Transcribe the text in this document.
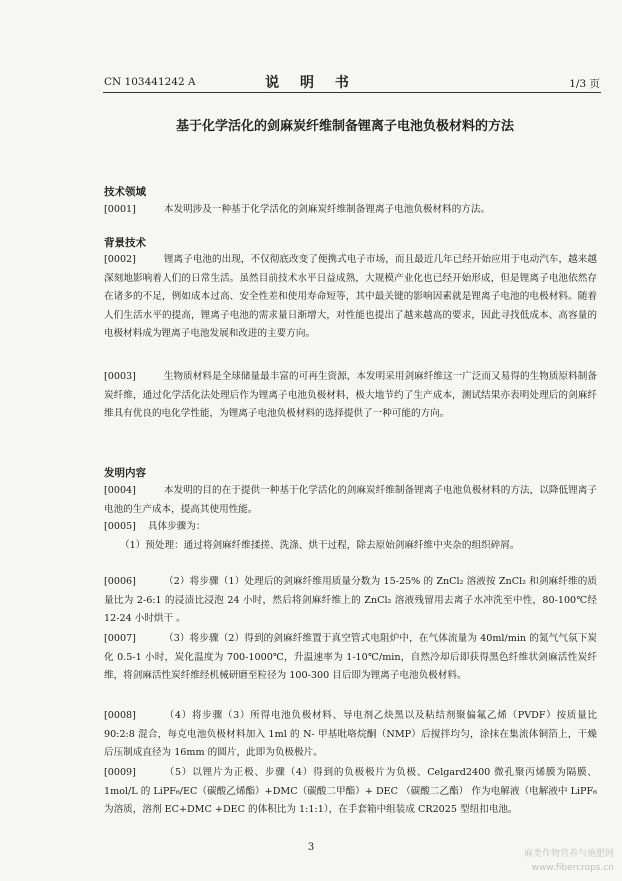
CN 103441242 A	说 明 书	1/3 页
基于化学活化的剑麻炭纤维制备锂离子电池负极材料的方法
技术领域
[0001]	本发明涉及一种基于化学活化的剑麻炭纤维制备锂离子电池负极材料的方法。
背景技术
[0002]	锂离子电池的出现，不仅彻底改变了便携式电子市场，而且最近几年已经开始应用于电动汽车，越来越深刻地影响着人们的日常生活。虽然目前技术水平日益成熟，大规模产业化也已经开始形成，但是锂离子电池依然存在诸多的不足，例如成本过高、安全性差和使用寿命短等，其中最关键的影响因素就是锂离子电池的电极材料。随着人们生活水平的提高，锂离子电池的需求量日渐增大，对性能也提出了越来越高的要求，因此寻找低成本、高容量的电极材料成为锂离子电池发展和改进的主要方向。
[0003]	生物质材料是全球储量最丰富的可再生资源，本发明采用剑麻纤维这一广泛而又易得的生物质原料制备炭纤维，通过化学活化法处理后作为锂离子电池负极材料，极大地节约了生产成本，测试结果亦表明处理后的剑麻纤维具有优良的电化学性能，为锂离子电池负极材料的选择提供了一种可能的方向。
发明内容
[0004]	本发明的目的在于提供一种基于化学活化的剑麻炭纤维制备锂离子电池负极材料的方法，以降低锂离子电池的生产成本，提高其使用性能。
[0005] 具体步骤为：
（1）预处理：通过将剑麻纤维揉搓、洗涤、烘干过程，除去原始剑麻纤维中夹杂的组织碎屑。
[0006]	（2）将步骤（1）处理后的剑麻纤维用质量分数为 15-25% 的 ZnCl₂ 溶液按 ZnCl₂ 和剑麻纤维的质量比为 2-6:1 的浸渍比浸泡 24 小时，然后将剑麻纤维上的 ZnCl₂ 溶液残留用去离子水冲洗至中性，80-100℃经 12-24 小时烘干 。
[0007]	（3）将步骤（2）得到的剑麻纤维置于真空管式电阻炉中，在气体流量为 40ml/min 的氮气气氛下炭化 0.5-1 小时，炭化温度为 700-1000℃，升温速率为 1-10℃/min，自然冷却后即获得黑色纤维状剑麻活性炭纤维，将剑麻活性炭纤维经机械研磨至粒径为 100-300 目后即为锂离子电池负极材料。
[0008]	（4）将步骤（3）所得电池负极材料、导电剂乙炔黑以及粘结剂聚偏氟乙烯（PVDF）按质量比 90:2:8 混合，每克电池负极材料加入 1ml 的 N- 甲基吡咯烷酮（NMP）后搅拌均匀，涂抹在集流体铜箔上，干燥后压制成直径为 16mm 的圆片，此即为负极极片。
[0009]	（5）以锂片为正极、步骤（4）得到的负极极片为负极、Celgard2400 微孔聚丙烯膜为隔膜、1mol/L 的 LiPF₆/EC（碳酸乙烯酯）+DMC（碳酸二甲酯）+ DEC （碳酸二乙酯） 作为电解液（电解液中 LiPF₆ 为溶质，溶剂 EC+DMC +DEC 的体积比为 1:1:1），在手套箱中组装成 CR2025 型纽扣电池。
3
麻类作物营养与施肥网
www.fibercrops.cn
